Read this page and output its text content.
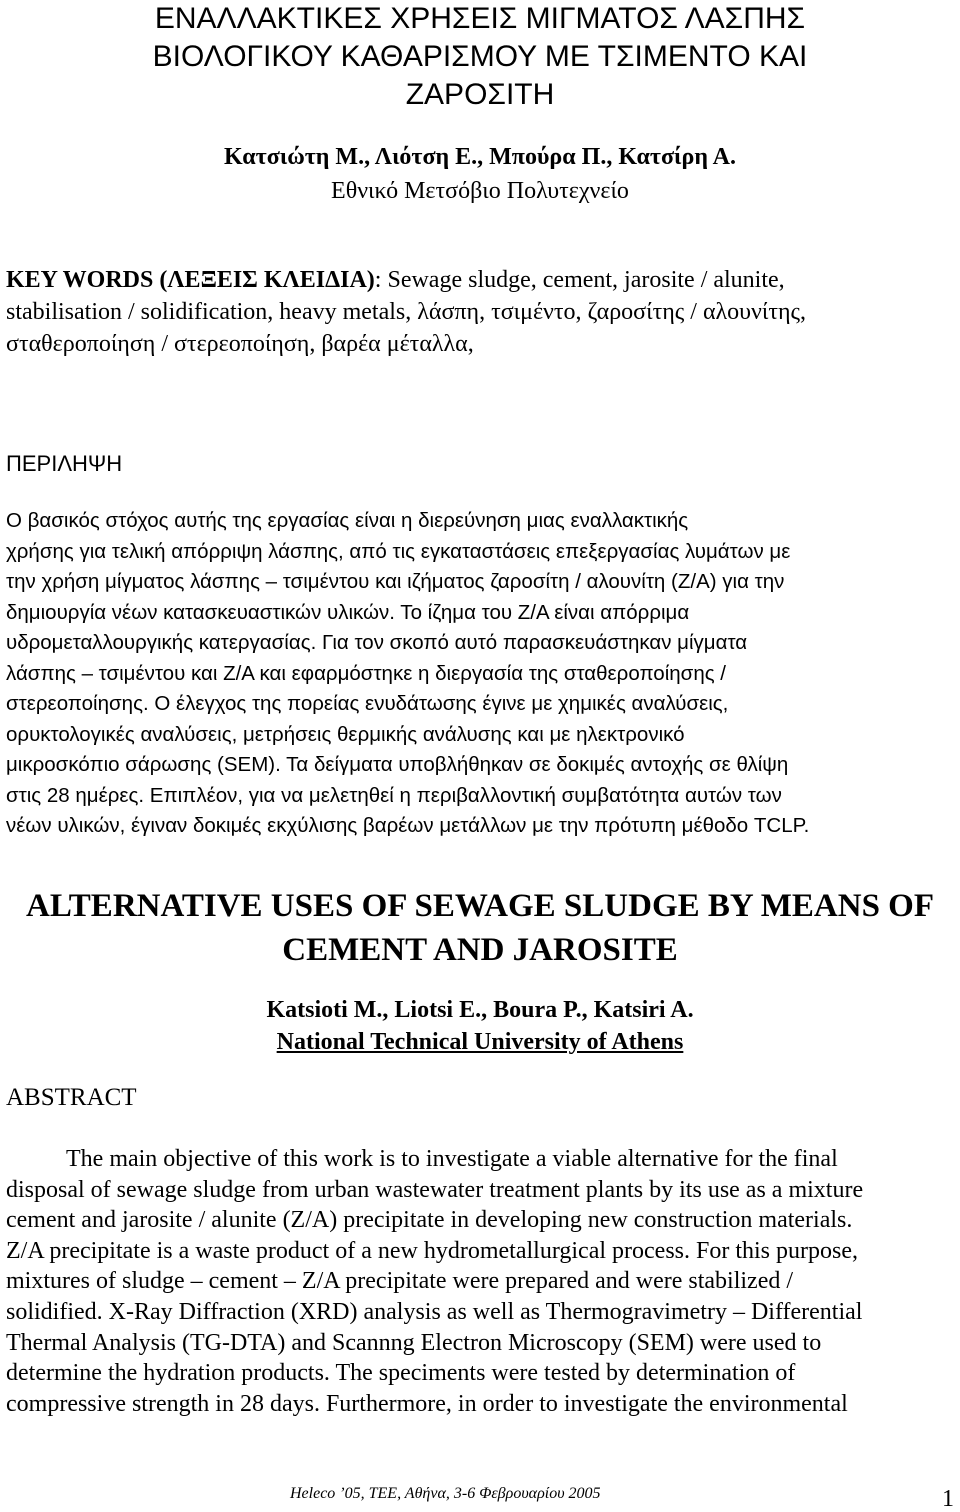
ΕΝΑΛΛΑΚΤΙΚΕΣ ΧΡΗΣΕΙΣ ΜΙΓΜΑΤΟΣ ΛΑΣΠΗΣ
ΒΙΟΛΟΓΙΚΟΥ ΚΑΘΑΡΙΣΜΟΥ ΜΕ ΤΣΙΜΕΝΤΟ ΚΑΙ
ΖΑΡΟΣΙΤΗ
Κατσιώτη Μ., Λιότση Ε., Μπούρα Π., Κατσίρη Α.
Εθνικό Μετσόβιο Πολυτεχνείο
KEY WORDS (ΛΕΞΕΙΣ ΚΛΕΙΔΙΑ): Sewage sludge, cement, jarosite / alunite,
stabilisation / solidification, heavy metals, λάσπη, τσιμέντο, ζαροσίτης / αλουνίτης,
σταθεροποίηση / στερεοποίηση, βαρέα μέταλλα,
ΠΕΡΙΛΗΨΗ
Ο βασικός στόχος αυτής της εργασίας είναι η διερεύνηση μιας εναλλακτικής
χρήσης για τελική απόρριψη λάσπης, από τις εγκαταστάσεις επεξεργασίας λυμάτων με
την χρήση μίγματος λάσπης – τσιμέντου και ιζήματος ζαροσίτη / αλουνίτη (Ζ/Α) για την
δημιουργία νέων κατασκευαστικών υλικών. Το ίζημα του Ζ/Α είναι απόρριμα
υδρομεταλλουργικής κατεργασίας. Για τον σκοπό αυτό παρασκευάστηκαν μίγματα
λάσπης – τσιμέντου και Ζ/Α και εφαρμόστηκε η διεργασία της σταθεροποίησης /
στερεοποίησης. Ο έλεγχος της πορείας ενυδάτωσης έγινε με χημικές αναλύσεις,
ορυκτολογικές αναλύσεις, μετρήσεις θερμικής ανάλυσης και με ηλεκτρονικό
μικροσκόπιο σάρωσης (SEM). Τα δείγματα υποβλήθηκαν σε δοκιμές αντοχής σε θλίψη
στις 28 ημέρες. Επιπλέον, για να μελετηθεί η περιβαλλοντική συμβατότητα αυτών των
νέων υλικών, έγιναν δοκιμές εκχύλισης βαρέων μετάλλων με την πρότυπη μέθοδο TCLP.
ALTERNATIVE USES OF SEWAGE SLUDGE BY MEANS OF
CEMENT AND JAROSITE
Katsioti M., Liotsi E., Boura P., Katsiri A.
National Technical University of Athens
ABSTRACT
The main objective of this work is to investigate a viable alternative for the final
disposal of sewage sludge from urban wastewater treatment plants by its use as a mixture
cement and jarosite / alunite (Z/A) precipitate in developing new construction materials.
Z/A precipitate is a waste product of a new hydrometallurgical process. For this purpose,
mixtures of sludge – cement – Z/A precipitate were prepared and were stabilized /
solidified. X-Ray Diffraction (XRD) analysis as well as Thermogravimetry – Differential
Thermal Analysis (TG-DTA) and Scannng Electron Microscopy (SEM) were used to
determine the hydration products. The speciments were tested by determination of
compressive strength in 28 days. Furthermore, in order to investigate the environmental
Heleco ’05, ΤΕΕ, Αθήνα, 3-6 Φεβρουαρίου 2005	1
